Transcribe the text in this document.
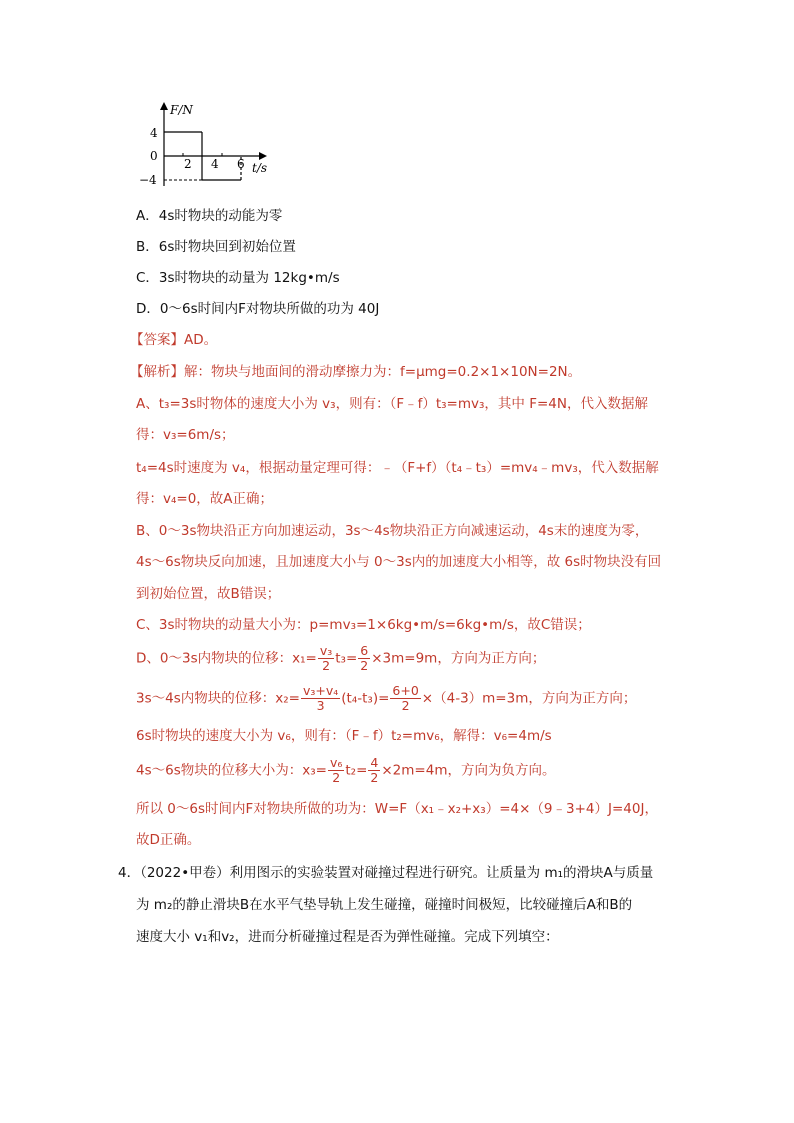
F/N
t/s
4
0
−4
2 4 6
A．4s时物块的动能为零
B．6s时物块回到初始位置
C．3s时物块的动量为 12kg•m/s
D．0～6s时间内F对物块所做的功为 40J
【答案】AD。
【解析】解：物块与地面间的滑动摩擦力为：f=μmg=0.2×1×10N=2N。
A、t₃=3s时物体的速度大小为 v₃，则有：（F﹣f）t₃=mv₃，其中 F=4N，代入数据解
得：v₃=6m/s；
t₄=4s时速度为 v₄，根据动量定理可得：﹣（F+f）（t₄﹣t₃）=mv₄﹣mv₃，代入数据解
得：v₄=0，故A正确；
B、0～3s物块沿正方向加速运动，3s～4s物块沿正方向减速运动，4s末的速度为零，
4s～6s物块反向加速，且加速度大小与 0～3s内的加速度大小相等，故 6s时物块没有回
到初始位置，故B错误；
C、3s时物块的动量大小为：p=mv₃=1×6kg•m/s=6kg•m/s，故C错误；
D、0～3s内物块的位移：$x_1= \frac{\text{v₃}}{2} t_3= \frac{6}{2} \times 3m=9m$，方向为正方向；
3s～4s内物块的位移：$x_2= \frac{\text{v₃+v₄}}{3} (t_4-t_3)= \frac{6+0}{2} \times(4-3)m=3m$，方向为正方向；
6s时物块的速度大小为 v₆，则有：（F﹣f）t₂=mv₆，解得：v₆=4m/s
4s～6s物块的位移大小为：$x_3= \frac{\text{v₆}}{2} t_2= \frac{4}{2} \times 2m=4m$，方向为负方向。
所以 0～6s时间内F对物块所做的功为：W=F（x₁﹣x₂+x₃）=4×（9﹣3+4）J=40J，
故D正确。
4．（2022•甲卷）利用图示的实验装置对碰撞过程进行研究。让质量为 m₁的滑块A与质量
为 m₂的静止滑块B在水平气垫导轨上发生碰撞，碰撞时间极短，比较碰撞后A和B的
速度大小 v₁和v₂，进而分析碰撞过程是否为弹性碰撞。完成下列填空：
